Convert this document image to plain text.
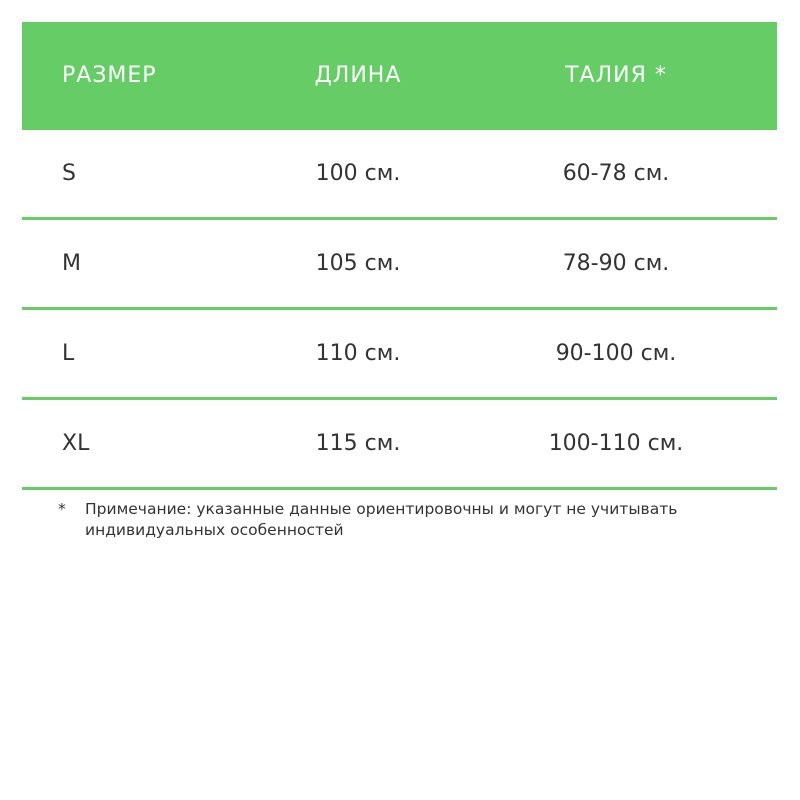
РАЗМЕР	ДЛИНА	ТАЛИЯ *
S	100 см.	60-78 см.
M	105 см.	78-90 см.
L	110 см.	90-100 см.
XL	115 см.	100-110 см.
* Примечание: указанные данные ориентировочны и могут не учитывать
индивидуальных особенностей
